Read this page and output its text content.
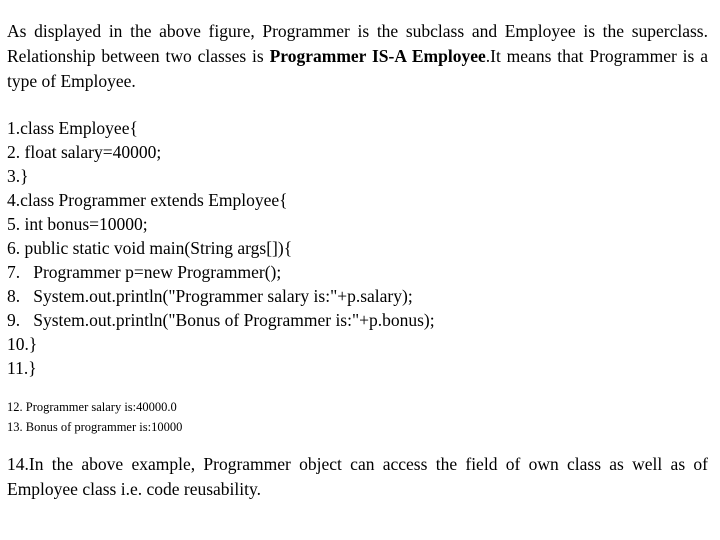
As displayed in the above figure, Programmer is the subclass and Employee is the superclass. Relationship between two classes is Programmer IS-A Employee.It means that Programmer is a type of Employee.

1.class Employee{
2. float salary=40000;
3.}
4.class Programmer extends Employee{
5. int bonus=10000;
6. public static void main(String args[]){
7.   Programmer p=new Programmer();
8.   System.out.println("Programmer salary is:"+p.salary);
9.   System.out.println("Bonus of Programmer is:"+p.bonus);
10.}
11.}
12. Programmer salary is:40000.0
13. Bonus of programmer is:10000

14.In the above example, Programmer object can access the field of own class as well as of Employee class i.e. code reusability.
